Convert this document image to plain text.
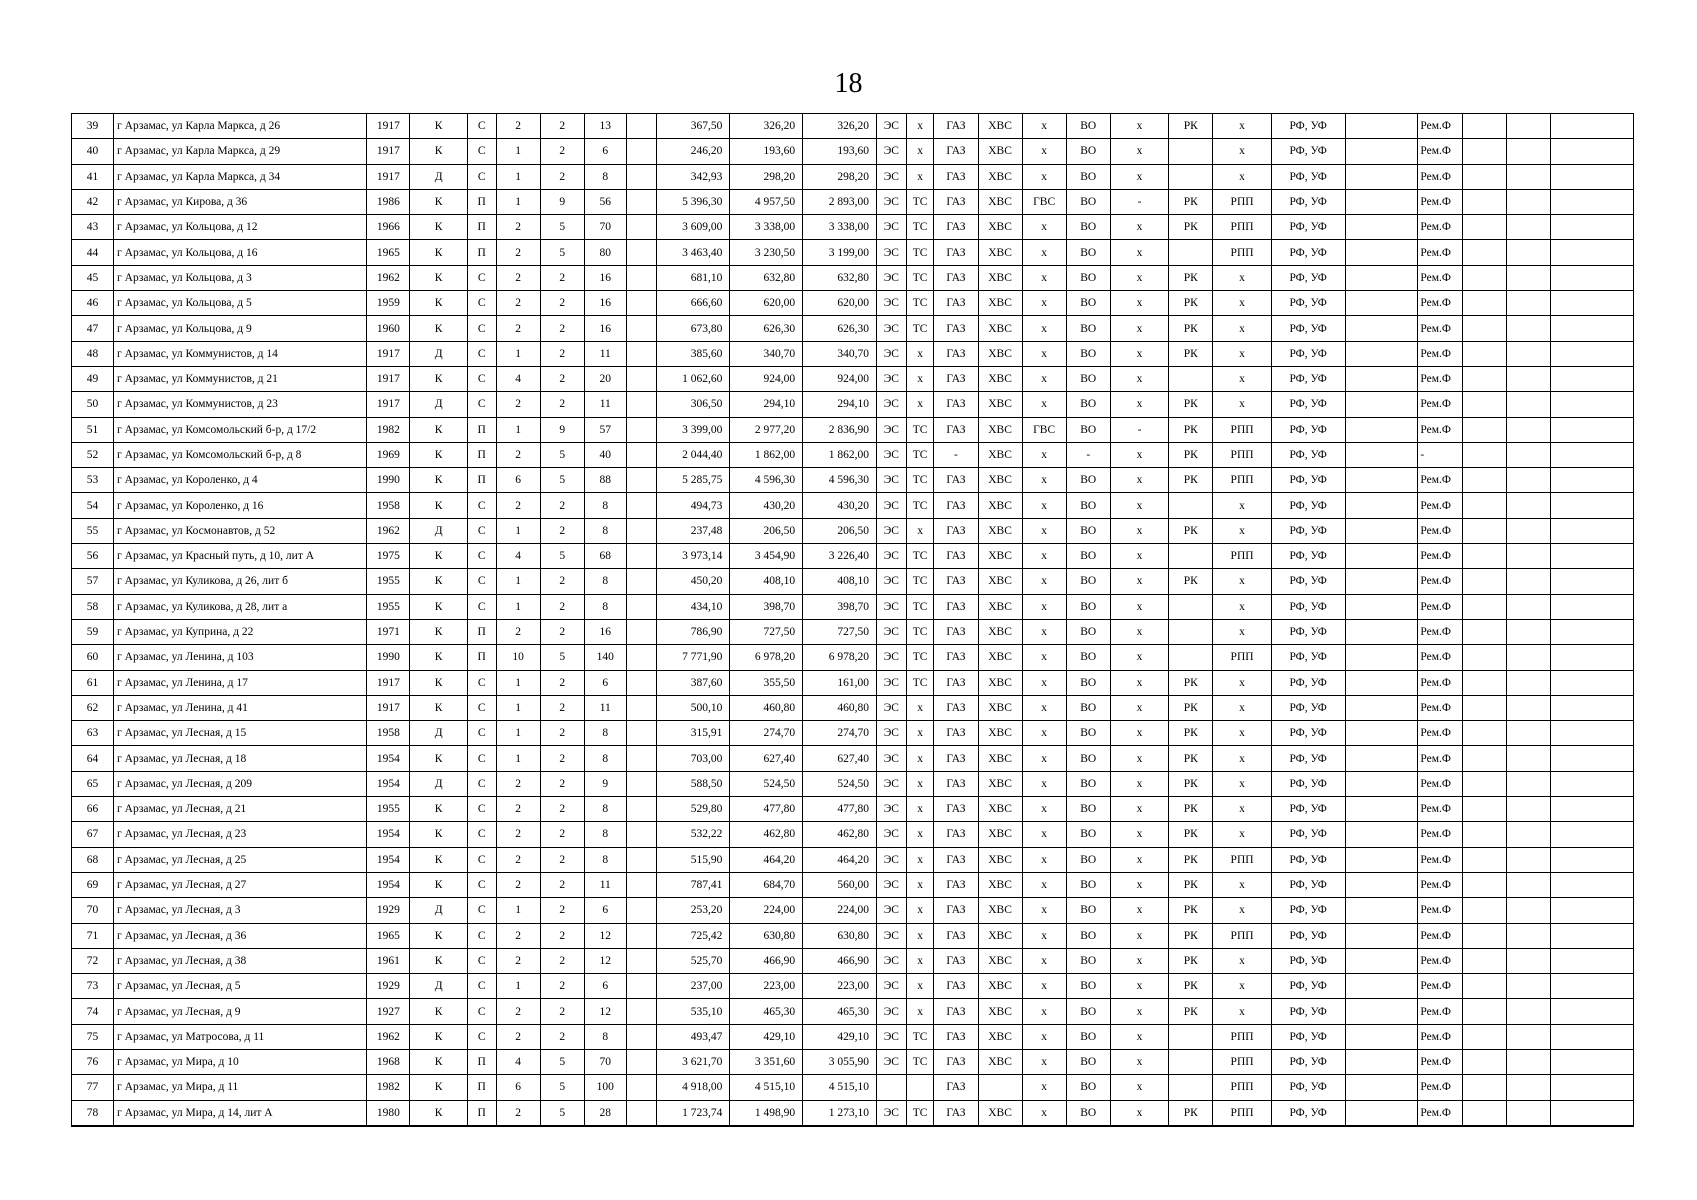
18
39	г Арзамас, ул Карла Маркса, д 26	1917	К	С	2	2	13		367,50	326,20	326,20	ЭС	х	ГАЗ	ХВС	х	ВО	х	РК	х	РФ, УФ		Рем.Ф			
40	г Арзамас, ул Карла Маркса, д 29	1917	К	С	1	2	6		246,20	193,60	193,60	ЭС	х	ГАЗ	ХВС	х	ВО	х		х	РФ, УФ		Рем.Ф			
41	г Арзамас, ул Карла Маркса, д 34	1917	Д	С	1	2	8		342,93	298,20	298,20	ЭС	х	ГАЗ	ХВС	х	ВО	х		х	РФ, УФ		Рем.Ф			
42	г Арзамас, ул Кирова, д 36	1986	К	П	1	9	56		5 396,30	4 957,50	2 893,00	ЭС	ТС	ГАЗ	ХВС	ГВС	ВО	-	РК	РПП	РФ, УФ		Рем.Ф			
43	г Арзамас, ул Кольцова, д 12	1966	К	П	2	5	70		3 609,00	3 338,00	3 338,00	ЭС	ТС	ГАЗ	ХВС	х	ВО	х	РК	РПП	РФ, УФ		Рем.Ф			
44	г Арзамас, ул Кольцова, д 16	1965	К	П	2	5	80		3 463,40	3 230,50	3 199,00	ЭС	ТС	ГАЗ	ХВС	х	ВО	х		РПП	РФ, УФ		Рем.Ф			
45	г Арзамас, ул Кольцова, д 3	1962	К	С	2	2	16		681,10	632,80	632,80	ЭС	ТС	ГАЗ	ХВС	х	ВО	х	РК	х	РФ, УФ		Рем.Ф			
46	г Арзамас, ул Кольцова, д 5	1959	К	С	2	2	16		666,60	620,00	620,00	ЭС	ТС	ГАЗ	ХВС	х	ВО	х	РК	х	РФ, УФ		Рем.Ф			
47	г Арзамас, ул Кольцова, д 9	1960	К	С	2	2	16		673,80	626,30	626,30	ЭС	ТС	ГАЗ	ХВС	х	ВО	х	РК	х	РФ, УФ		Рем.Ф			
48	г Арзамас, ул Коммунистов, д 14	1917	Д	С	1	2	11		385,60	340,70	340,70	ЭС	х	ГАЗ	ХВС	х	ВО	х	РК	х	РФ, УФ		Рем.Ф			
49	г Арзамас, ул Коммунистов, д 21	1917	К	С	4	2	20		1 062,60	924,00	924,00	ЭС	х	ГАЗ	ХВС	х	ВО	х		х	РФ, УФ		Рем.Ф			
50	г Арзамас, ул Коммунистов, д 23	1917	Д	С	2	2	11		306,50	294,10	294,10	ЭС	х	ГАЗ	ХВС	х	ВО	х	РК	х	РФ, УФ		Рем.Ф			
51	г Арзамас, ул Комсомольский б-р, д 17/2	1982	К	П	1	9	57		3 399,00	2 977,20	2 836,90	ЭС	ТС	ГАЗ	ХВС	ГВС	ВО	-	РК	РПП	РФ, УФ		Рем.Ф			
52	г Арзамас, ул Комсомольский б-р, д 8	1969	К	П	2	5	40		2 044,40	1 862,00	1 862,00	ЭС	ТС	-	ХВС	х	-	х	РК	РПП	РФ, УФ		-			
53	г Арзамас, ул Короленко, д 4	1990	К	П	6	5	88		5 285,75	4 596,30	4 596,30	ЭС	ТС	ГАЗ	ХВС	х	ВО	х	РК	РПП	РФ, УФ		Рем.Ф			
54	г Арзамас, ул Короленко, д 16	1958	К	С	2	2	8		494,73	430,20	430,20	ЭС	ТС	ГАЗ	ХВС	х	ВО	х		х	РФ, УФ		Рем.Ф			
55	г Арзамас, ул Космонавтов, д 52	1962	Д	С	1	2	8		237,48	206,50	206,50	ЭС	х	ГАЗ	ХВС	х	ВО	х	РК	х	РФ, УФ		Рем.Ф			
56	г Арзамас, ул Красный путь, д 10, лит А	1975	К	С	4	5	68		3 973,14	3 454,90	3 226,40	ЭС	ТС	ГАЗ	ХВС	х	ВО	х		РПП	РФ, УФ		Рем.Ф			
57	г Арзамас, ул Куликова, д 26, лит б	1955	К	С	1	2	8		450,20	408,10	408,10	ЭС	ТС	ГАЗ	ХВС	х	ВО	х	РК	х	РФ, УФ		Рем.Ф			
58	г Арзамас, ул Куликова, д 28, лит а	1955	К	С	1	2	8		434,10	398,70	398,70	ЭС	ТС	ГАЗ	ХВС	х	ВО	х		х	РФ, УФ		Рем.Ф			
59	г Арзамас, ул Куприна, д 22	1971	К	П	2	2	16		786,90	727,50	727,50	ЭС	ТС	ГАЗ	ХВС	х	ВО	х		х	РФ, УФ		Рем.Ф			
60	г Арзамас, ул Ленина, д 103	1990	К	П	10	5	140		7 771,90	6 978,20	6 978,20	ЭС	ТС	ГАЗ	ХВС	х	ВО	х		РПП	РФ, УФ		Рем.Ф			
61	г Арзамас, ул Ленина, д 17	1917	К	С	1	2	6		387,60	355,50	161,00	ЭС	ТС	ГАЗ	ХВС	х	ВО	х	РК	х	РФ, УФ		Рем.Ф			
62	г Арзамас, ул Ленина, д 41	1917	К	С	1	2	11		500,10	460,80	460,80	ЭС	х	ГАЗ	ХВС	х	ВО	х	РК	х	РФ, УФ		Рем.Ф			
63	г Арзамас, ул Лесная, д 15	1958	Д	С	1	2	8		315,91	274,70	274,70	ЭС	х	ГАЗ	ХВС	х	ВО	х	РК	х	РФ, УФ		Рем.Ф			
64	г Арзамас, ул Лесная, д 18	1954	К	С	1	2	8		703,00	627,40	627,40	ЭС	х	ГАЗ	ХВС	х	ВО	х	РК	х	РФ, УФ		Рем.Ф			
65	г Арзамас, ул Лесная, д 209	1954	Д	С	2	2	9		588,50	524,50	524,50	ЭС	х	ГАЗ	ХВС	х	ВО	х	РК	х	РФ, УФ		Рем.Ф			
66	г Арзамас, ул Лесная, д 21	1955	К	С	2	2	8		529,80	477,80	477,80	ЭС	х	ГАЗ	ХВС	х	ВО	х	РК	х	РФ, УФ		Рем.Ф			
67	г Арзамас, ул Лесная, д 23	1954	К	С	2	2	8		532,22	462,80	462,80	ЭС	х	ГАЗ	ХВС	х	ВО	х	РК	х	РФ, УФ		Рем.Ф			
68	г Арзамас, ул Лесная, д 25	1954	К	С	2	2	8		515,90	464,20	464,20	ЭС	х	ГАЗ	ХВС	х	ВО	х	РК	РПП	РФ, УФ		Рем.Ф			
69	г Арзамас, ул Лесная, д 27	1954	К	С	2	2	11		787,41	684,70	560,00	ЭС	х	ГАЗ	ХВС	х	ВО	х	РК	х	РФ, УФ		Рем.Ф			
70	г Арзамас, ул Лесная, д 3	1929	Д	С	1	2	6		253,20	224,00	224,00	ЭС	х	ГАЗ	ХВС	х	ВО	х	РК	х	РФ, УФ		Рем.Ф			
71	г Арзамас, ул Лесная, д 36	1965	К	С	2	2	12		725,42	630,80	630,80	ЭС	х	ГАЗ	ХВС	х	ВО	х	РК	РПП	РФ, УФ		Рем.Ф			
72	г Арзамас, ул Лесная, д 38	1961	К	С	2	2	12		525,70	466,90	466,90	ЭС	х	ГАЗ	ХВС	х	ВО	х	РК	х	РФ, УФ		Рем.Ф			
73	г Арзамас, ул Лесная, д 5	1929	Д	С	1	2	6		237,00	223,00	223,00	ЭС	х	ГАЗ	ХВС	х	ВО	х	РК	х	РФ, УФ		Рем.Ф			
74	г Арзамас, ул Лесная, д 9	1927	К	С	2	2	12		535,10	465,30	465,30	ЭС	х	ГАЗ	ХВС	х	ВО	х	РК	х	РФ, УФ		Рем.Ф			
75	г Арзамас, ул Матросова, д 11	1962	К	С	2	2	8		493,47	429,10	429,10	ЭС	ТС	ГАЗ	ХВС	х	ВО	х		РПП	РФ, УФ		Рем.Ф			
76	г Арзамас, ул Мира, д 10	1968	К	П	4	5	70		3 621,70	3 351,60	3 055,90	ЭС	ТС	ГАЗ	ХВС	х	ВО	х		РПП	РФ, УФ		Рем.Ф			
77	г Арзамас, ул Мира, д 11	1982	К	П	6	5	100		4 918,00	4 515,10	4 515,10			ГАЗ		х	ВО	х		РПП	РФ, УФ		Рем.Ф			
78	г Арзамас, ул Мира, д 14, лит А	1980	К	П	2	5	28		1 723,74	1 498,90	1 273,10	ЭС	ТС	ГАЗ	ХВС	х	ВО	х	РК	РПП	РФ, УФ		Рем.Ф			
